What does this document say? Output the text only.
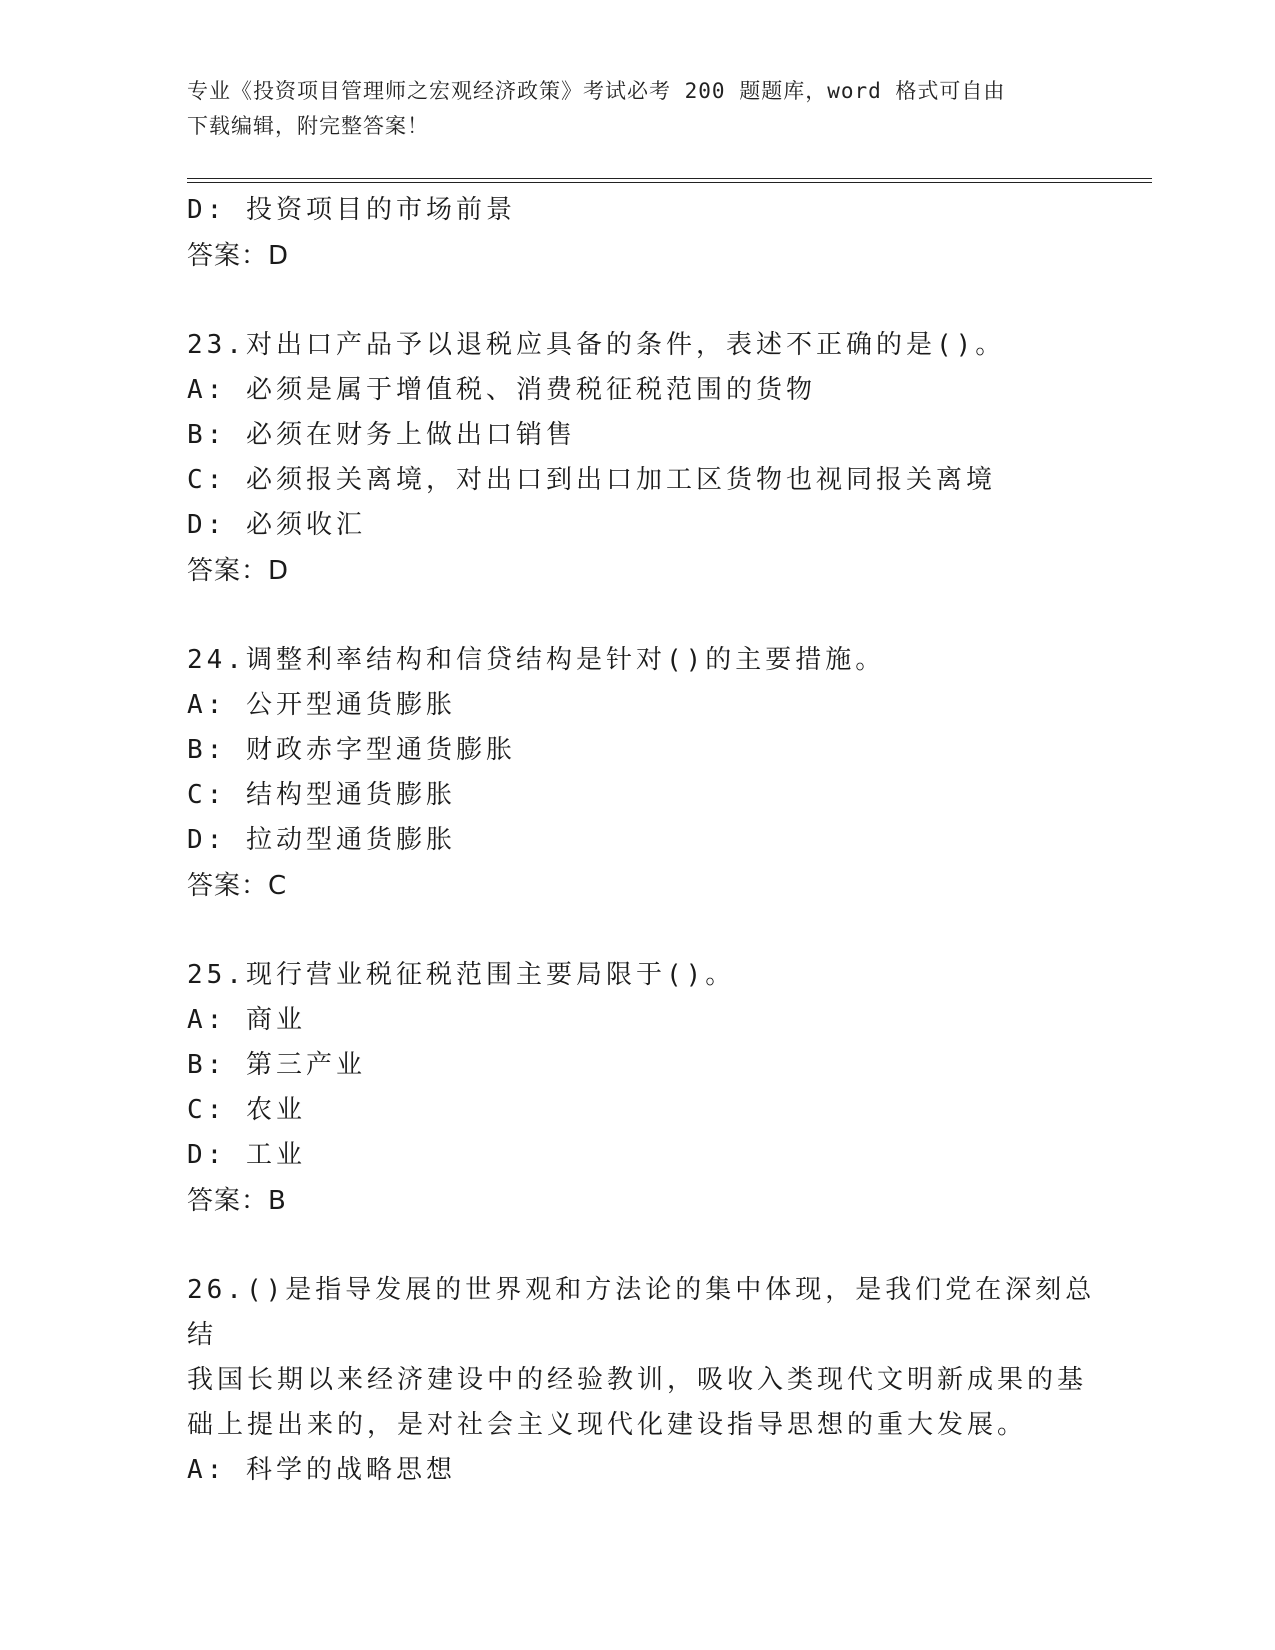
专业《投资项目管理师之宏观经济政策》考试必考 200 题题库，word 格式可自由
下载编辑，附完整答案！
D: 投资项目的市场前景
答案：D
23.对出口产品予以退税应具备的条件，表述不正确的是()。
A: 必须是属于增值税、消费税征税范围的货物
B: 必须在财务上做出口销售
C: 必须报关离境，对出口到出口加工区货物也视同报关离境
D: 必须收汇
答案：D
24.调整利率结构和信贷结构是针对()的主要措施。
A: 公开型通货膨胀
B: 财政赤字型通货膨胀
C: 结构型通货膨胀
D: 拉动型通货膨胀
答案：C
25.现行营业税征税范围主要局限于()。
A: 商业
B: 第三产业
C: 农业
D: 工业
答案：B
26.()是指导发展的世界观和方法论的集中体现，是我们党在深刻总结
我国长期以来经济建设中的经验教训，吸收入类现代文明新成果的基
础上提出来的，是对社会主义现代化建设指导思想的重大发展。
A: 科学的战略思想
